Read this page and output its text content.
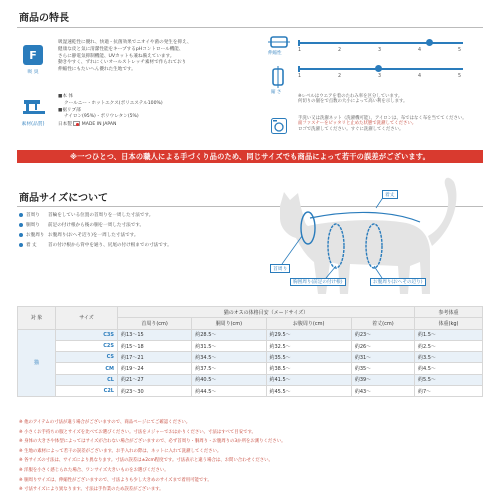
商品の特長
F
吸 臭
吸湿速乾性に優れ、快適・抗菌効果でニオイや菌の発生を抑え、
健康な皮と気に清潔性能をキープするpHコントロール機能、
さらに静電気抑制機能、UVカットも兼ね備えています。
動きやすく、ずれにくいオールストレッチ素材で作られており
伸縮性にもたいへん優れた生地です。
素材(品質)
■本 体
クールニー・ホットエクス(ポリエステル100%)
■裾リブ部
ナイロン(95%)・ポリウレタン(5%)
日本製 MADE IN JAPAN
伸縮性
1	2	3	4	5
縮 さ
1	2	3	4	5
※レベルはウエアを着のたわみ率を区分しています。
何切りの個をで点数の大小によって高い利を示します。
手洗い又は洗濯ネット（洗濯機可能）、アイロンは、布ではなく布を当ててください。
面ファスナーをピッタリと止めた状態で洗濯してください。
ロゴで洗濯してください。すぐに洗濯してください。
※一つひとつ、日本の職人による手づくり品のため、同じサイズでも商品によって若干の誤差がございます。
商品サイズについて
首周り 首輪をしている位置の首周りを一周した寸法です。
胴周り 前足の付け根から後の胴を一周した寸法です。
お腹周り お腹周り(おへそ辺り)を一周した寸法です。
着 丈 首の付け根から背中を通り、尻尾の付け根までの寸法です。
着丈
首周り
胸囲周り(前足の付け根)	お腹周り(おへその辺り)
対 象	サイズ	猫のオスの体格目安（メードサイズ）				参考体重
		首周り(cm)	胴周り(cm)	お腹周り(cm)	着丈(cm)	体重(kg)
猫	C3S	約13～15	約28.5～	約29.5～	約23～	約1.5～
	C2S	約15～18	約31.5～	約32.5～	約26～	約2.5～
	CS	約17～21	約34.5～	約35.5～	約31～	約3.5～
	CM	約19～24	約37.5～	約38.5～	約35～	約4.5～
	CL	約21～27	約40.5～	約41.5～	約39～	約5.5～
	C2L	約23～30	約44.5～	約45.5～	約43～	約7～
※ 他のアイテムの寸法が違う場合がございますので、商品ページにてご確認ください。
※ 小さくお手持ちの服とサイズを比べてお選びください。寸法をメジャーでおはかりください。寸法はすべて目安です。
※ 身体の大きさや体型によってはサイズが合わない場合がございますので、必ず首周り・胴周り・お腹周りの3か所をお測りください。
※ 生地の素材によって若干の誤差がございます。お手入れの際は、ネットに入れて洗濯してください。
※ 各サイズの寸法は、サイズにより異なります。寸法の誤差は±2cm程度です。寸法表示と違う場合は、お問い合わせください。
※ 洋服を小さく感じられた場合、ワンサイズ大きいものをお選びください。
※ 胴周りサイズは、伸縮性がございますので、寸法よりも少し大きめのサイズまで着用可能です。
※ 寸法サイズにより異なります。寸法は手作業のため誤差がございます。
